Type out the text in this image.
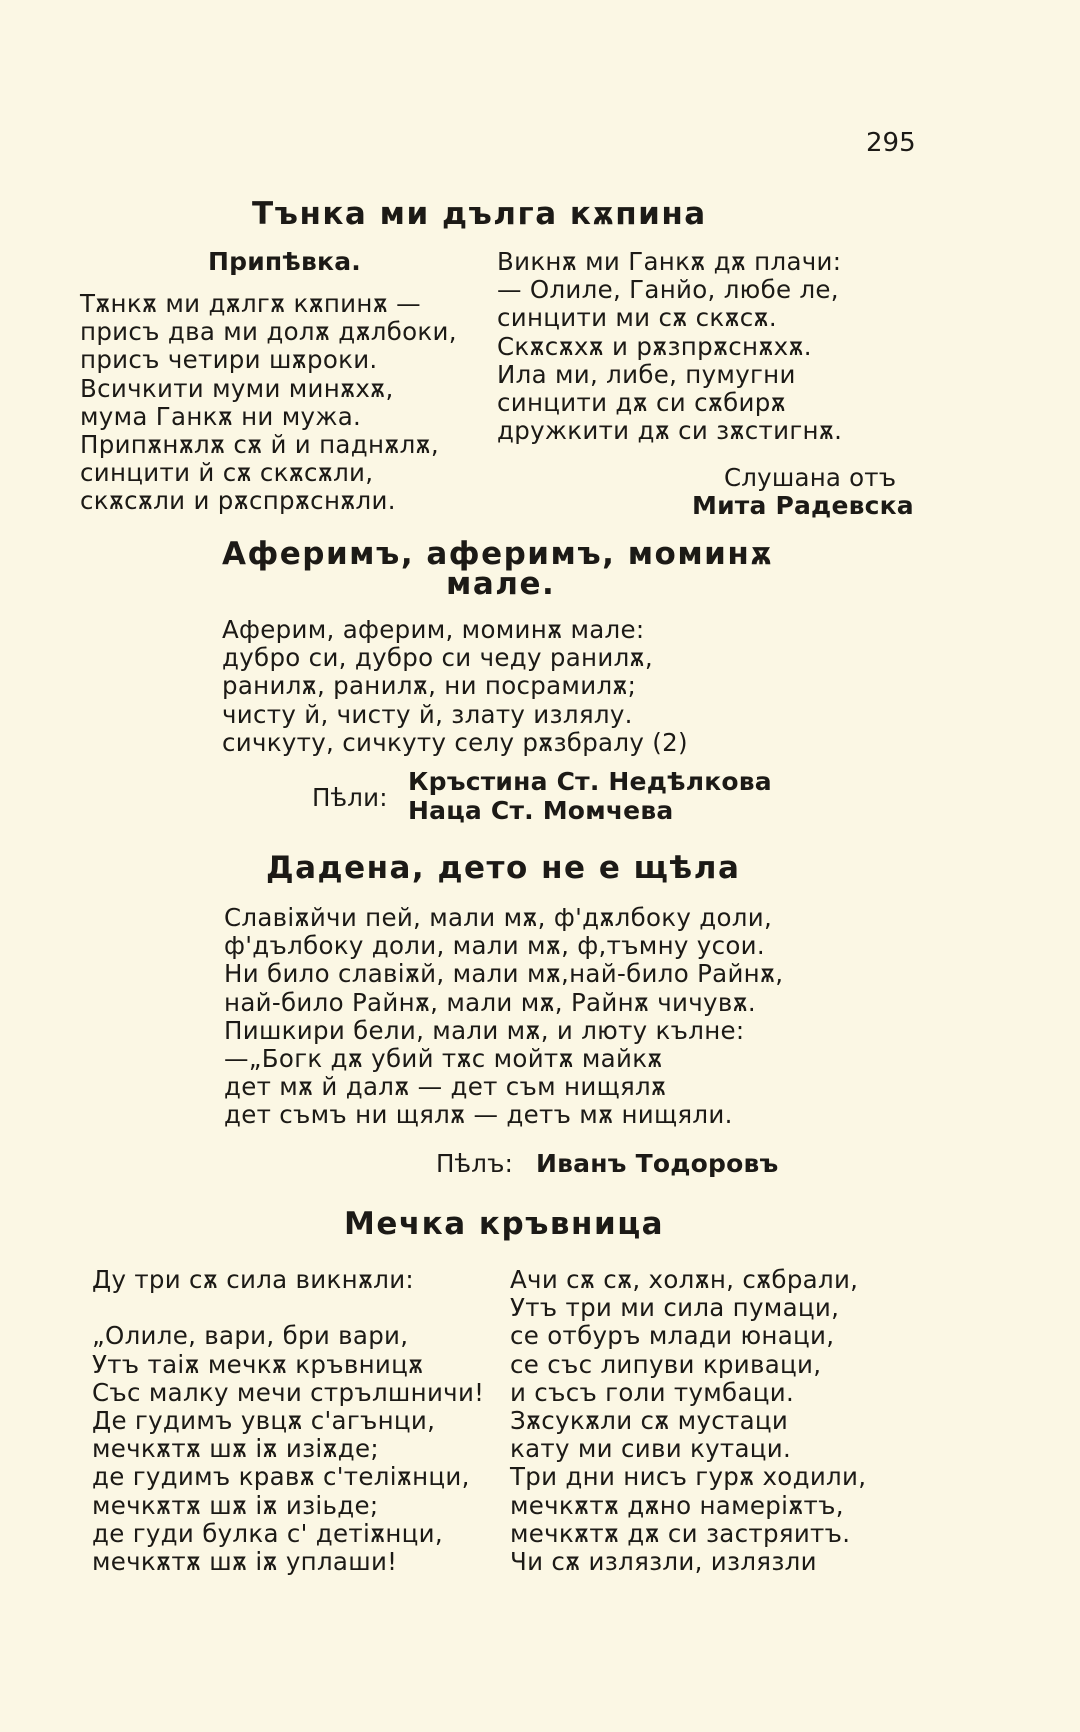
295
Тънка ми дълга кѫпина
Припѣвка.
Тѫнкѫ ми дѫлгѫ кѫпинѫ —
присъ два ми долѫ дѫлбоки,
присъ четири шѫроки.
Всичкити муми минѫхѫ,
мума Ганкѫ ни мужа.
Припѫнѫлѫ сѫ й и паднѫлѫ,
синцити й сѫ скѫсѫли,
скѫсѫли и рѫспрѫснѫли.
Викнѫ ми Ганкѫ дѫ плачи:
— Олиле, Ганйо, любе ле,
синцити ми сѫ скѫсѫ.
Скѫсѫхѫ и рѫзпрѫснѫхѫ.
Ила ми, либе, пумугни
синцити дѫ си сѫбирѫ
дружкити дѫ си зѫстигнѫ.
Слушана отъ
Мита Радевска
Аферимъ, аферимъ, моминѫ
мале.
Аферим, аферим, моминѫ мале:
дубро си, дубро си чеду ранилѫ,
ранилѫ, ранилѫ, ни посрамилѫ;
чисту й, чисту й, злату излялу.
сичкуту, сичкуту селу рѫзбралу (2)
Пѣли:
Кръстина Ст. Недѣлкова
Наца Ст. Момчева
Дадена, дето не е щѣла
Славіѫйчи пей, мали мѫ, ф'дѫлбоку доли,
ф'дълбоку доли, мали мѫ, ф,тъмну усои.
Ни било славіѫй, мали мѫ,най-било Райнѫ,
най-било Райнѫ, мали мѫ, Райнѫ чичувѫ.
Пишкири бели, мали мѫ, и люту кълне:
—„Богк дѫ убий тѫс мойтѫ майкѫ
дет мѫ й далѫ — дет съм нищялѫ
дет съмъ ни щялѫ — детъ мѫ нищяли.
Пѣлъ: Иванъ Тодоровъ
Мечка кръвница
Ду три сѫ сила викнѫли:

„Олиле, вари, бри вари,
Утъ таіѫ мечкѫ кръвницѫ
Със малку мечи стрълшничи!
Де гудимъ увцѫ с'агънци,
мечкѫтѫ шѫ іѫ изіѫде;
де гудимъ кравѫ с'теліѫнци,
мечкѫтѫ шѫ іѫ изіьде;
де гуди булка с' детіѫнци,
мечкѫтѫ шѫ іѫ уплаши!
Ачи сѫ сѫ, холѫн, сѫбрали,
Утъ три ми сила пумаци,
се отбуръ млади юнаци,
се със липуви криваци,
и съсъ голи тумбаци.
Зѫсукѫли сѫ мустаци
кату ми сиви кутаци.
Три дни нисъ гурѫ ходили,
мечкѫтѫ дѫно намеріѫтъ,
мечкѫтѫ дѫ си застряитъ.
Чи сѫ излязли, излязли
